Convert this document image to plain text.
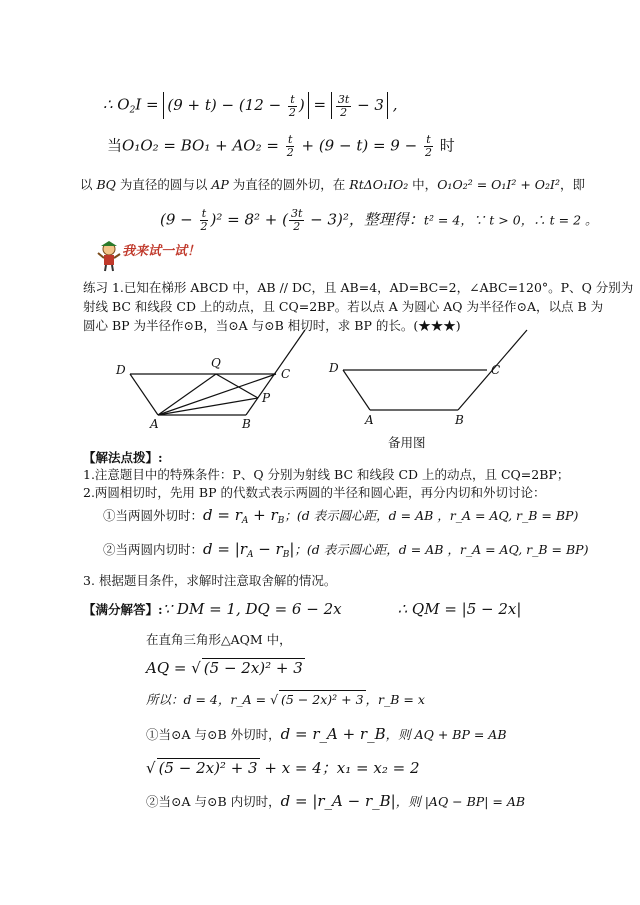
∴ $O_2I = (9 + t) - (12 - \frac{t}{2}$ ) = $\frac{3t}{2} - 3$ ,
当$O_1O_2 = BO_1 + AO_2 = \frac{t}{2} + (9 - t) = 9 - \frac{t}{2}$ 时
以 BQ 为直径的圆与以 AP 为直径的圆外切，在 RtΔO₁IO₂ 中，O₁O₂² = O₁I² + O₂I²，即
$(9 - \frac{t}{2} )^2 = 8^2$ + ( $\frac{3t}{2} - 3)^2$，整理得：t² = 4，∵ t > 0，∴ t = 2 。
我来试一试！
练习 1.已知在梯形 ABCD 中，AB // DC，且 AB=4，AD=BC=2，∠ABC=120°。P、Q 分别为
射线 BC 和线段 CD 上的动点，且 CQ=2BP。若以点 A 为圆心 AQ 为半径作⊙A，以点 B 为
圆心 BP 为半径作⊙B，当⊙A 与⊙B 相切时，求 BP 的长。(★★★)
D	Q
C
P
A	B
D	C
A	B
备用图
【解法点拨】:
1.注意题目中的特殊条件：P、Q 分别为射线 BC 和线段 CD 上的动点，且 CQ=2BP；
2.两圆相切时，先用 BP 的代数式表示两圆的半径和圆心距，再分内切和外切讨论：
①当两圆外切时：$d = r_A + r_B$；(d 表示圆心距，d = AB ，r_A = AQ, r_B = BP)
②当两圆内切时：$d = |r_A - r_B|$；(d 表示圆心距，d = AB ，r_A = AQ, r_B = BP)
3. 根据题目条件，求解时注意取舍解的情况。
【满分解答】:∵ DM = 1, DQ = 6 − 2x	∴ QM = |5 − 2x|
在直角三角形△AQM 中，
AQ = √ (5 − 2x)² + 3
所以：d = 4，r_A = √ (5 − 2x)² + 3 ，r_B = x
①当⊙A 与⊙B 外切时，d = r_A + r_B，则 AQ + BP = AB
√ (5 − 2x)² + 3 + x = 4；x₁ = x₂ = 2
②当⊙A 与⊙B 内切时，d = |r_A − r_B|，则 |AQ − BP| = AB
